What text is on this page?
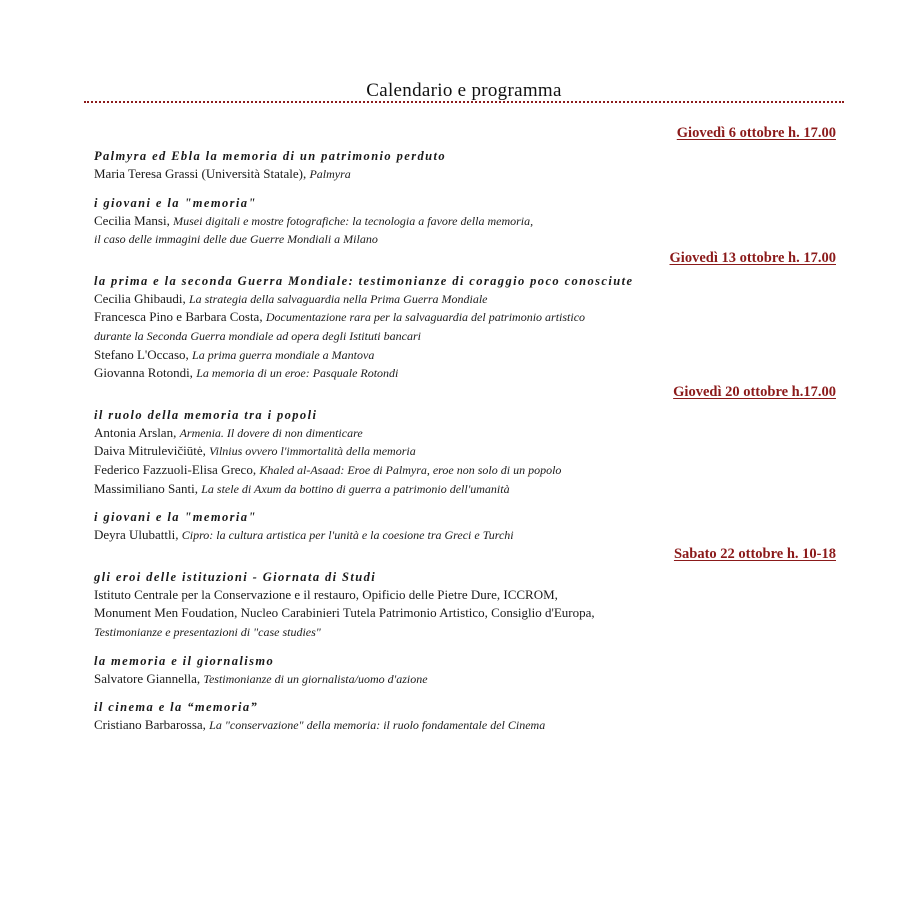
Calendario e programma
Giovedì 6 ottobre h. 17.00
Palmyra ed Ebla la memoria di un patrimonio perduto
Maria Teresa Grassi (Università Statale), Palmyra
i giovani e la "memoria"
Cecilia Mansi, Musei digitali e mostre fotografiche: la tecnologia a favore della memoria,
il caso delle immagini delle due Guerre Mondiali a Milano
Giovedì 13 ottobre h. 17.00
la prima e la seconda Guerra Mondiale: testimonianze di coraggio poco conosciute
Cecilia Ghibaudi, La strategia della salvaguardia nella Prima Guerra Mondiale
Francesca Pino e Barbara Costa, Documentazione rara per la salvaguardia del patrimonio artistico
durante la Seconda Guerra mondiale ad opera degli Istituti bancari
Stefano L'Occaso, La prima guerra mondiale a Mantova
Giovanna Rotondi, La memoria di un eroe: Pasquale Rotondi
Giovedì 20 ottobre h.17.00
il ruolo della memoria tra i popoli
Antonia Arslan, Armenia. Il dovere di non dimenticare
Daiva Mitrulevičiūtė, Vilnius ovvero l'immortalità della memoria
Federico Fazzuoli-Elisa Greco, Khaled al-Asaad: Eroe di Palmyra, eroe non solo di un popolo
Massimiliano Santi, La stele di Axum da bottino di guerra a patrimonio dell'umanità
i giovani e la "memoria"
Deyra Ulubattli, Cipro: la cultura artistica per l'unità e la coesione tra Greci e Turchi
Sabato 22 ottobre h. 10-18
gli eroi delle istituzioni - Giornata di Studi
Istituto Centrale per la Conservazione e il restauro, Opificio delle Pietre Dure, ICCROM,
Monument Men Foudation, Nucleo Carabinieri Tutela Patrimonio Artistico, Consiglio d'Europa,
Testimonianze e presentazioni di "case studies"
la memoria e il giornalismo
Salvatore Giannella, Testimonianze di un giornalista/uomo d'azione
il cinema e la “memoria”
Cristiano Barbarossa, La "conservazione" della memoria: il ruolo fondamentale del Cinema
